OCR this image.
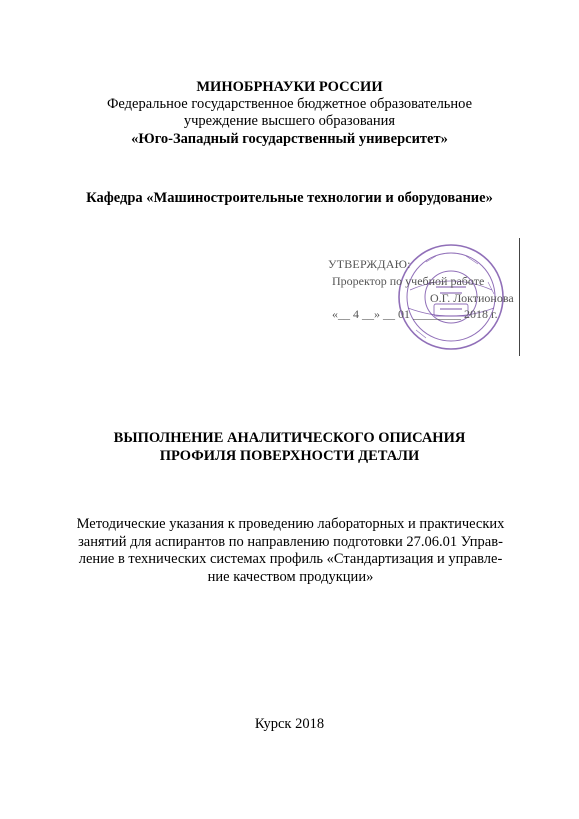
МИНОБРНАУКИ РОССИИ
Федеральное государственное бюджетное образовательное
учреждение высшего образования
«Юго-Западный государственный университет»
Кафедра «Машиностроительные технологии и оборудование»
УТВЕРЖДАЮ:
Проректор по учебной работе
О.Г. Локтионова
«__ 4 __» __ 01 ________ 2018 г.
ВЫПОЛНЕНИЕ АНАЛИТИЧЕСКОГО ОПИСАНИЯ
ПРОФИЛЯ ПОВЕРХНОСТИ ДЕТАЛИ
Методические указания к проведению лабораторных и практических
занятий для аспирантов по направлению подготовки 27.06.01 Управ-
ление в технических системах профиль «Стандартизация и управле-
ние качеством продукции»
Курск 2018
